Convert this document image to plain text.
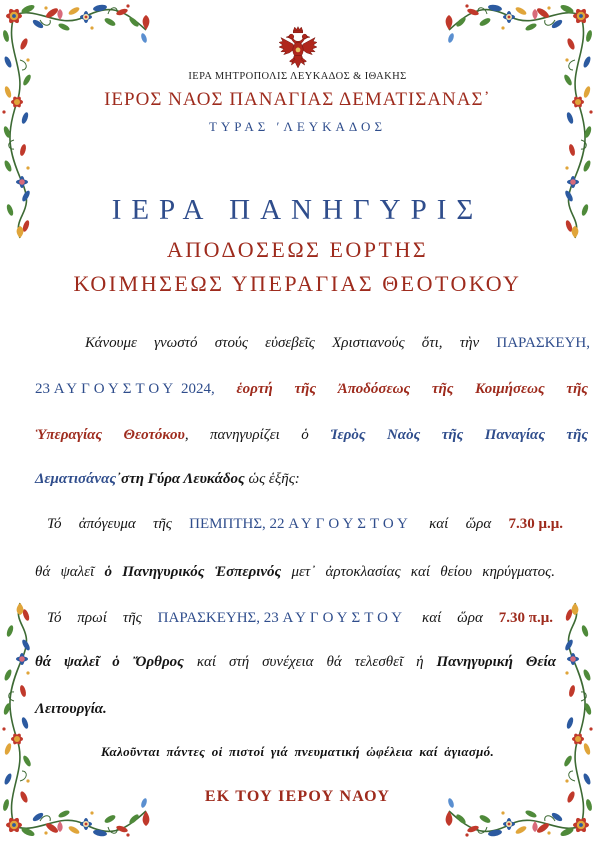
ΙΕΡΑ ΜΗΤΡΟΠΟΛΙΣ ΛΕΥΚΑΔΟΣ & ΙΘΑΚΗΣ
ΙΕΡΟΣ ΝΑΟΣ ΠΑΝΑΓΙΑΣ ΔΕΜΑΤΙΣΑΝΑΣ᾿
ΤΥΡΑΣ ʹΛΕΥΚΑΔΟΣ
ΙΕΡΑ ΠΑΝΗΓΥΡΙΣ
ΑΠΟΔΟΣΕΩΣ ΕΟΡΤΗΣ
ΚΟΙΜΗΣΕΩΣ ΥΠΕΡΑΓΙΑΣ ΘΕΟΤΟΚΟΥ
Κάνουμε γνωστό στούς εὐσεβεῖς Χριστιανούς ὅτι, τὴν ΠΑΡΑΣΚΕΥΗ,
23 ΑΥΓΟΥΣΤΟΥ 2024, ἑορτή τῆς Ἀποδόσεως τῆς Κοιμήσεως τῆς
Ὑπεραγίας Θεοτόκου, πανηγυρίζει ὁ Ἱερὸς Ναὸς τῆς Παναγίας τῆς
Δεματισάνας᾽στη Γύρα Λευκάδος ὡς ἑξῆς:
Τό ἀπόγευμα τῆς ΠΕΜΠΤΗΣ, 22 ΑΥΓΟΥΣΤΟΥ καί ὥρα 7.30 μ.μ.
θά ψαλεῖ ὁ Πανηγυρικός Ἑσπερινός μετ᾽ ἀρτοκλασίας καί θείου κηρύγματος.
Τό πρωί τῆς ΠΑΡΑΣΚΕΥΗΣ, 23 ΑΥΓΟΥΣΤΟΥ καί ὥρα 7.30 π.μ.
θά ψαλεῖ ὁ Ὄρθρος καί στή συνέχεια θά τελεσθεῖ ἡ Πανηγυρική Θεία
Λειτουργία.
Καλοῦνται πάντες οἱ πιστοί γιά πνευματική ὠφέλεια καί ἁγιασμό.
ΕΚ ΤΟΥ ΙΕΡΟΥ ΝΑΟΥ
